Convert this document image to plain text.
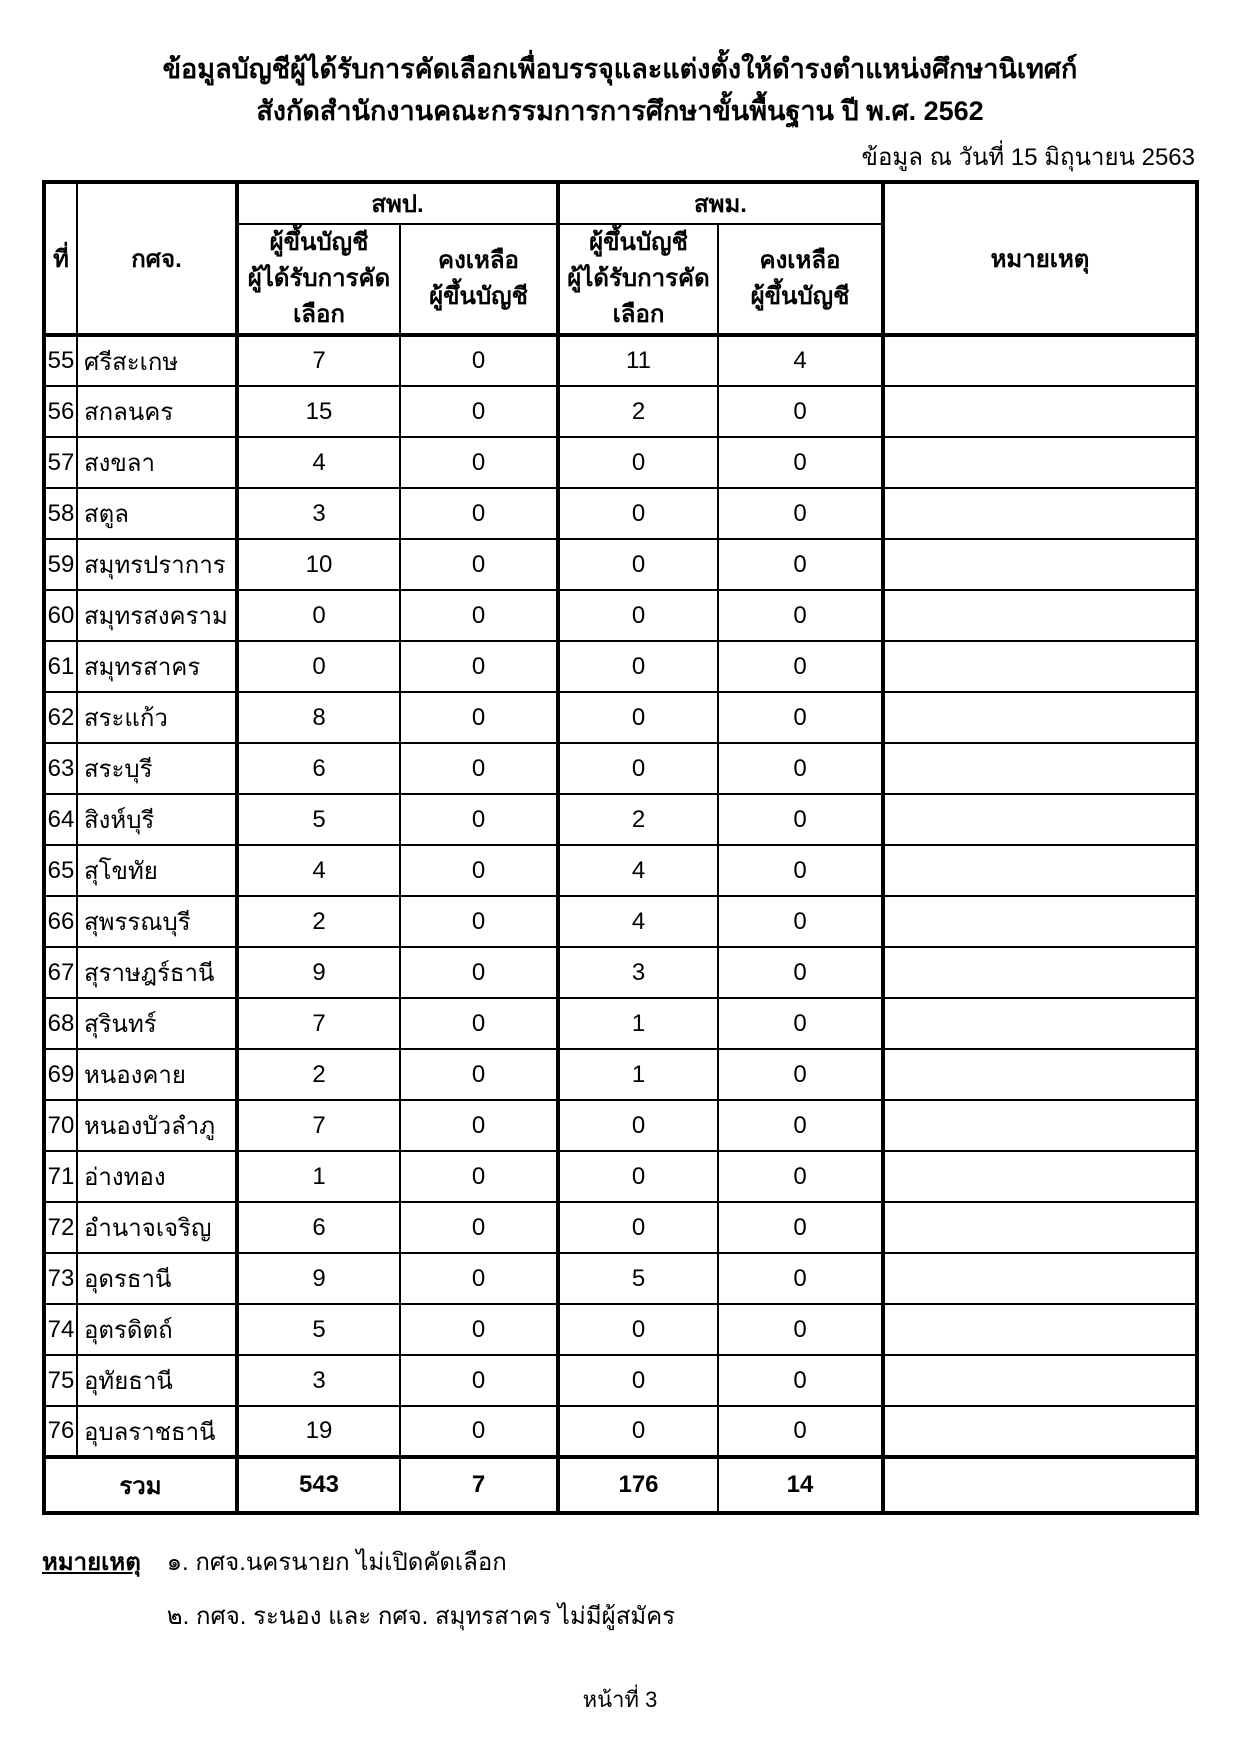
ข้อมูลบัญชีผู้ได้รับการคัดเลือกเพื่อบรรจุและแต่งตั้งให้ดำรงตำแหน่งศึกษานิเทศก์
สังกัดสำนักงานคณะกรรมการการศึกษาขั้นพื้นฐาน ปี พ.ศ. 2562
ข้อมูล ณ วันที่ 15 มิถุนายน 2563
ที่	กศจ.	สพป.		สพม.		หมายเหตุ

ผู้ขึ้นบัญชี
ผู้ได้รับการคัดเลือก

คงเหลือ
ผู้ขึ้นบัญชี

ผู้ขึ้นบัญชี
ผู้ได้รับการคัดเลือก

คงเหลือ
ผู้ขึ้นบัญชี

55	ศรีสะเกษ	7	0	11	4	
56	สกลนคร	15	0	2	0	
57	สงขลา	4	0	0	0	
58	สตูล	3	0	0	0	
59	สมุทรปราการ	10	0	0	0	
60	สมุทรสงคราม	0	0	0	0	
61	สมุทรสาคร	0	0	0	0	
62	สระแก้ว	8	0	0	0	
63	สระบุรี	6	0	0	0	
64	สิงห์บุรี	5	0	2	0	
65	สุโขทัย	4	0	4	0	
66	สุพรรณบุรี	2	0	4	0	
67	สุราษฎร์ธานี	9	0	3	0	
68	สุรินทร์	7	0	1	0	
69	หนองคาย	2	0	1	0	
70	หนองบัวลำภู	7	0	0	0	
71	อ่างทอง	1	0	0	0	
72	อำนาจเจริญ	6	0	0	0	
73	อุดรธานี	9	0	5	0	
74	อุตรดิตถ์	5	0	0	0	
75	อุทัยธานี	3	0	0	0	
76	อุบลราชธานี	19	0	0	0	
รวม		543	7	176	14	
หมายเหตุ ๑. กศจ.นครนายก ไม่เปิดคัดเลือก
๒. กศจ. ระนอง และ กศจ. สมุทรสาคร ไม่มีผู้สมัคร
หน้าที่ 3
